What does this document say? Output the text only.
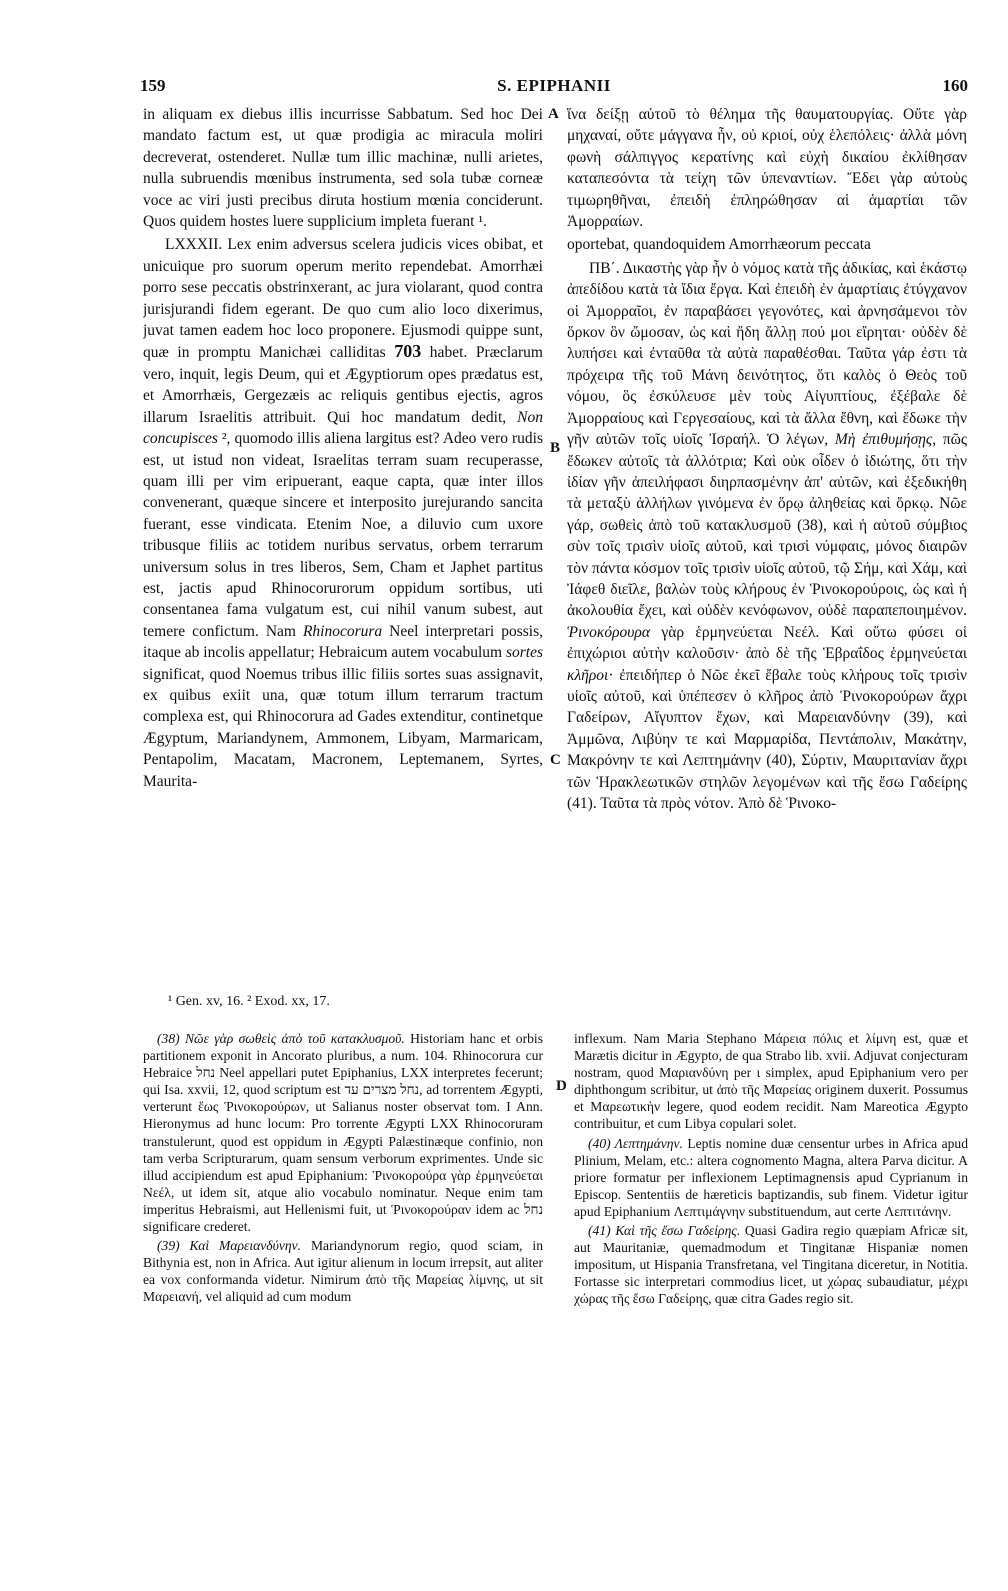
159	S. EPIPHANII	160
A
B
C
D

in aliquam ex diebus illis incurrisse Sabbatum. Sed hoc Dei mandato factum est, ut quæ prodigia ac miracula moliri decreverat, ostenderet. Nullæ tum illic machinæ, nulli arietes, nulla subruendis mœnibus instrumenta, sed sola tubæ corneæ voce ac viri justi precibus diruta hostium mœnia conciderunt. Quos quidem hostes luere supplicium impleta fuerant ¹.

LXXXII. Lex enim adversus scelera judicis vices obibat, et unicuique pro suorum operum merito rependebat. Amorrhæi porro sese peccatis obstrinxerant, ac jura violarant, quod contra jurisjurandi fidem egerant. De quo cum alio loco dixerimus, juvat tamen eadem hoc loco proponere. Ejusmodi quippe sunt, quæ in promptu Manichæi calliditas 703 habet. Præclarum vero, inquit, legis Deum, qui et Ægyptiorum opes prædatus est, et Amorrhæis, Gergezæis ac reliquis gentibus ejectis, agros illarum Israelitis attribuit. Qui hoc mandatum dedit, Non concupisces ², quomodo illis aliena largitus est? Adeo vero rudis est, ut istud non videat, Israelitas terram suam recuperasse, quam illi per vim eripuerant, eaque capta, quæ inter illos convenerant, quæque sincere et interposito jurejurando sancita fuerant, esse vindicata. Etenim Noe, a diluvio cum uxore tribusque filiis ac totidem nuribus servatus, orbem terrarum universum solus in tres liberos, Sem, Cham et Japhet partitus est, jactis apud Rhinocorurorum oppidum sortibus, uti consentanea fama vulgatum est, cui nihil vanum subest, aut temere confictum. Nam Rhinocorura Neel interpretari possis, itaque ab incolis appellatur; Hebraicum autem vocabulum sortes significat, quod Noemus tribus illic filiis sortes suas assignavit, ex quibus exiit una, quæ totum illum terrarum tractum complexa est, qui Rhinocorura ad Gades extenditur, continetque Ægyptum, Mariandynem, Ammonem, Libyam, Marmaricam, Pentapolim, Macatam, Macronem, Leptemanem, Syrtes, Maurita-

ἵνα δείξῃ αὐτοῦ τὸ θέλημα τῆς θαυματουργίας. Οὔτε γὰρ μηχαναί, οὔτε μάγγανα ἦν, οὐ κριοί, οὐχ ἑλεπόλεις· ἀλλὰ μόνη φωνὴ σάλπιγγος κερατίνης καὶ εὐχὴ δικαίου ἐκλίθησαν καταπεσόντα τὰ τείχη τῶν ὑπεναντίων. Ἔδει γὰρ αὐτοὺς τιμωρηθῆναι, ἐπειδὴ ἐπληρώθησαν αἱ ἁμαρτίαι τῶν Ἀμορραίων.

oportebat, quandoquidem Amorrhæorum peccata

ΠΒ΄. Δικαστὴς γὰρ ἦν ὁ νόμος κατὰ τῆς ἀδικίας, καὶ ἑκάστῳ ἀπεδίδου κατὰ τὰ ἴδια ἔργα. Καὶ ἐπειδὴ ἐν ἁμαρτίαις ἐτύγχανον οἱ Ἀμορραῖοι, ἐν παραβάσει γεγονότες, καὶ ἀρνησάμενοι τὸν ὅρκον ὃν ὤμοσαν, ὡς καὶ ἤδη ἄλλῃ πού μοι εἴρηται· οὐδὲν δὲ λυπήσει καὶ ἐνταῦθα τὰ αὐτὰ παραθέσθαι. Ταῦτα γάρ ἐστι τὰ πρόχειρα τῆς τοῦ Μάνη δεινότητος, ὅτι καλὸς ὁ Θεὸς τοῦ νόμου, ὃς ἐσκύλευσε μὲν τοὺς Αἰγυπτίους, ἐξέβαλε δὲ Ἀμορραίους καὶ Γεργεσαίους, καὶ τὰ ἄλλα ἔθνη, καὶ ἔδωκε τὴν γῆν αὐτῶν τοῖς υἱοῖς Ἰσραήλ. Ὁ λέγων, Μὴ ἐπιθυμήσῃς, πῶς ἔδωκεν αὐτοῖς τὰ ἀλλότρια; Καὶ οὐκ οἶδεν ὁ ἰδιώτης, ὅτι τὴν ἰδίαν γῆν ἀπειλήφασι διηρπασμένην ἀπ' αὐτῶν, καὶ ἐξεδικήθη τὰ μεταξὺ ἀλλήλων γινόμενα ἐν ὅρῳ ἀληθείας καὶ ὅρκῳ. Νῶε γάρ, σωθεὶς ἀπὸ τοῦ κατακλυσμοῦ (38), καὶ ἡ αὐτοῦ σύμβιος σὺν τοῖς τρισὶν υἱοῖς αὐτοῦ, καὶ τρισὶ νύμφαις, μόνος διαιρῶν τὸν πάντα κόσμον τοῖς τρισὶν υἱοῖς αὐτοῦ, τῷ Σήμ, καὶ Χάμ, καὶ Ἰάφεθ διεῖλε, βαλὼν τοὺς κλήρους ἐν Ῥινοκορούροις, ὡς καὶ ἡ ἀκολουθία ἔχει, καὶ οὐδὲν κενόφωνον, οὐδὲ παραπεποιημένον. Ῥινοκόρουρα γὰρ ἑρμηνεύεται Νεέλ. Καὶ οὕτω φύσει οἱ ἐπιχώριοι αὐτὴν καλοῦσιν· ἀπὸ δὲ τῆς Ἑβραΐδος ἑρμηνεύεται κλῆροι· ἐπειδήπερ ὁ Νῶε ἐκεῖ ἔβαλε τοὺς κλήρους τοῖς τρισὶν υἱοῖς αὐτοῦ, καὶ ὑπέπεσεν ὁ κλῆρος ἀπὸ Ῥινοκορούρων ἄχρι Γαδείρων, Αἴγυπτον ἔχων, καὶ Μαρειανδύνην (39), καὶ Ἀμμῶνα, Λιβύην τε καὶ Μαρμαρίδα, Πεντάπολιν, Μακάτην, Μακρόνην τε καὶ Λεπτημάνην (40), Σύρτιν, Μαυριτανίαν ἄχρι τῶν Ἡρακλεωτικῶν στηλῶν λεγομένων καὶ τῆς ἔσω Γαδείρης (41). Ταῦτα τὰ πρὸς νότον. Ἀπὸ δὲ Ῥινοκο-

¹ Gen. xv, 16. ² Exod. xx, 17.

(38) Νῶε γὰρ σωθεὶς ἀπὸ τοῦ κατακλυσμοῦ. Historiam hanc et orbis partitionem exponit in Ancorato pluribus, a num. 104. Rhinocorura cur Hebraice נחל Neel appellari putet Epiphanius, LXX interpretes fecerunt; qui Isa. xxvii, 12, quod scriptum est נחל מצרים עד, ad torrentem Ægypti, verterunt ἕως Ῥινοκορούρων, ut Salianus noster observat tom. I Ann. Hieronymus ad hunc locum: Pro torrente Ægypti LXX Rhinocoruram transtulerunt, quod est oppidum in Ægypti Palæstinæque confinio, non tam verba Scripturarum, quam sensum verborum exprimentes. Unde sic illud accipiendum est apud Epiphanium: Ῥινοκορούρα γὰρ ἑρμηνεύεται Νεέλ, ut idem sit, atque alio vocabulo nominatur. Neque enim tam imperitus Hebraismi, aut Hellenismi fuit, ut Ῥινοκορούραν idem ac נחל significare crederet.

(39) Καὶ Μαρειανδύνην. Mariandynorum regio, quod sciam, in Bithynia est, non in Africa. Aut igitur alienum in locum irrepsit, aut aliter ea vox conformanda videtur. Nimirum ἀπὸ τῆς Μαρείας λίμνης, ut sit Μαρειανή, vel aliquid ad cum modum

inflexum. Nam Maria Stephano Μάρεια πόλις et λίμνη est, quæ et Marætis dicitur in Ægypto, de qua Strabo lib. xvii. Adjuvat conjecturam nostram, quod Μαριανδύνη per ι simplex, apud Epiphanium vero per diphthongum scribitur, ut ἀπὸ τῆς Μαρείας originem duxerit. Possumus et Μαρεωτικὴν legere, quod eodem recidit. Nam Mareotica Ægypto contribuitur, et cum Libya copulari solet.

(40) Λεπτημάνην. Leptis nomine duæ censentur urbes in Africa apud Plinium, Melam, etc.: altera cognomento Magna, altera Parva dicitur. A priore formatur per inflexionem Leptimagnensis apud Cyprianum in Episcop. Sententiis de hæreticis baptizandis, sub finem. Videtur igitur apud Epiphanium Λεπτιμάγνην substituendum, aut certe Λεπτιτάνην.

(41) Καὶ τῆς ἔσω Γαδείρης. Quasi Gadira regio quæpiam Africæ sit, aut Mauritaniæ, quemadmodum et Tingitanæ Hispaniæ nomen impositum, ut Hispania Transfretana, vel Tingitana diceretur, in Notitia. Fortasse sic interpretari commodius licet, ut χώρας subaudiatur, μέχρι χώρας τῆς ἔσω Γαδείρης, quæ citra Gades regio sit.
